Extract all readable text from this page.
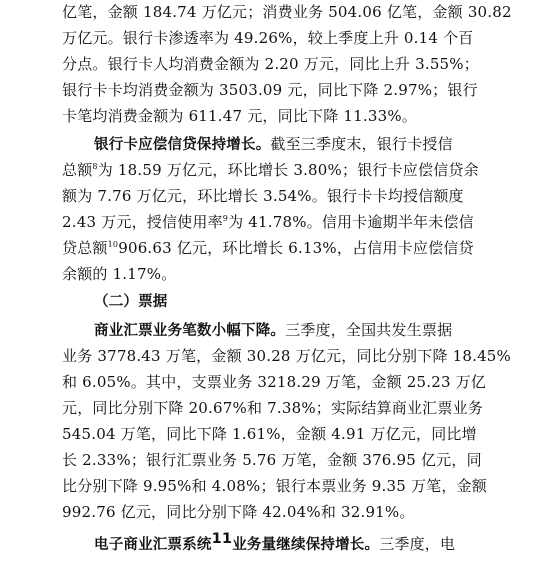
亿笔，金额 184.74 万亿元；消费业务 504.06 亿笔，金额 30.82
万亿元。银行卡渗透率为 49.26%，较上季度上升 0.14 个百
分点。银行卡人均消费金额为 2.20 万元，同比上升 3.55%；
银行卡卡均消费金额为 3503.09 元，同比下降 2.97%；银行
卡笔均消费金额为 611.47 元，同比下降 11.33%。
银行卡应偿信贷保持增长。截至三季度末，银行卡授信
总额$^8$为 18.59 万亿元，环比增长 3.80%；银行卡应偿信贷余
额为 7.76 万亿元，环比增长 3.54%。银行卡卡均授信额度
2.43 万元，授信使用率$^9$为 41.78%。信用卡逾期半年未偿信
贷总额$^{10}$906.63 亿元，环比增长 6.13%，占信用卡应偿信贷
余额的 1.17%。
（二）票据
商业汇票业务笔数小幅下降。三季度，全国共发生票据
业务 3778.43 万笔，金额 30.28 万亿元，同比分别下降 18.45%
和 6.05%。其中，支票业务 3218.29 万笔，金额 25.23 万亿
元，同比分别下降 20.67%和 7.38%；实际结算商业汇票业务
545.04 万笔，同比下降 1.61%，金额 4.91 万亿元，同比增
长 2.33%；银行汇票业务 5.76 万笔，金额 376.95 亿元，同
比分别下降 9.95%和 4.08%；银行本票业务 9.35 万笔，金额
992.76 亿元，同比分别下降 42.04%和 32.91%。
电子商业汇票系统$^{11}$业务量继续保持增长。三季度，电
